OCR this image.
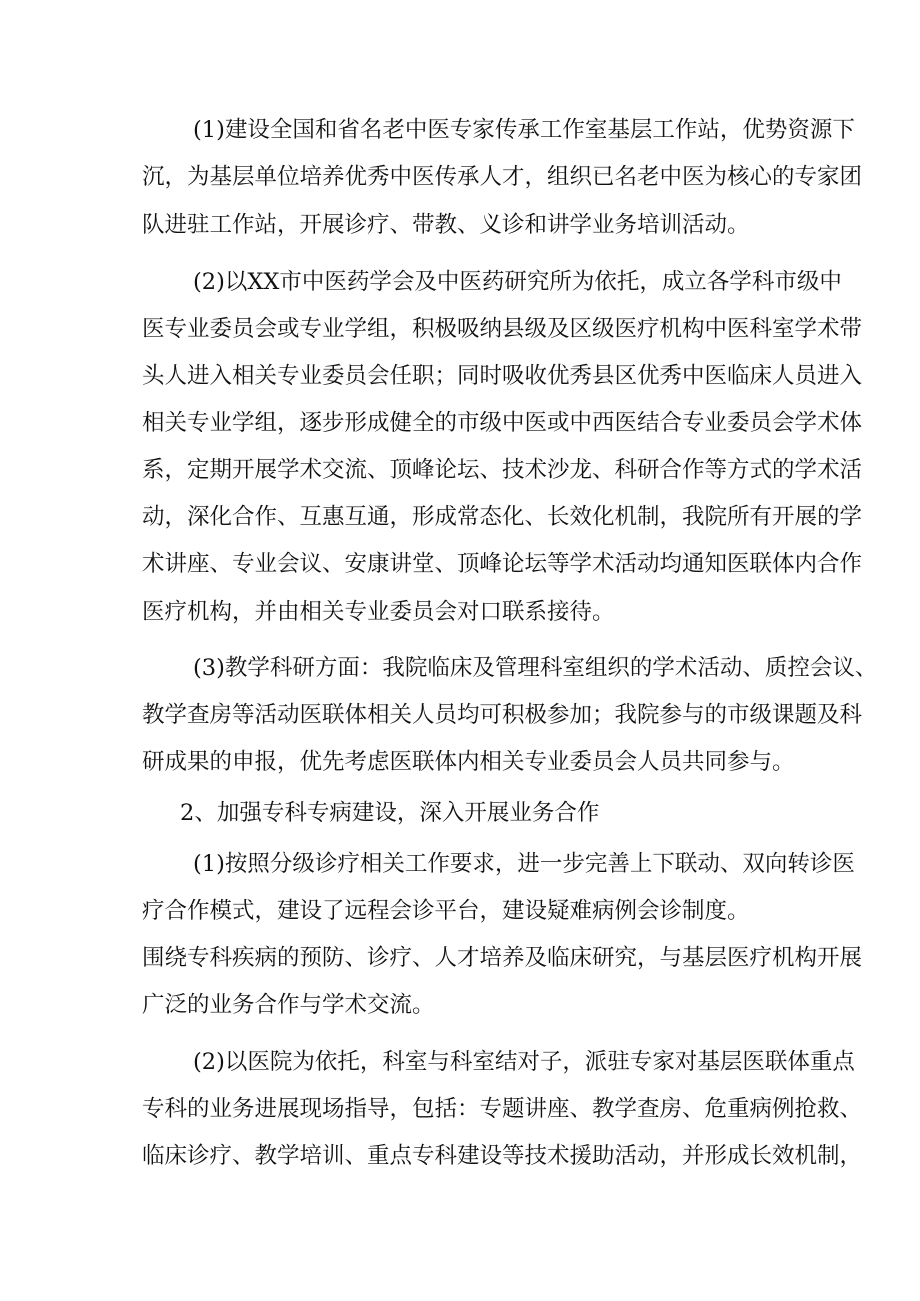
(1)建设全国和省名老中医专家传承工作室基层工作站，优势资源下
沉，为基层单位培养优秀中医传承人才，组织已名老中医为核心的专家团
队进驻工作站，开展诊疗、带教、义诊和讲学业务培训活动。
(2)以XX市中医药学会及中医药研究所为依托，成立各学科市级中
医专业委员会或专业学组，积极吸纳县级及区级医疗机构中医科室学术带
头人进入相关专业委员会任职；同时吸收优秀县区优秀中医临床人员进入
相关专业学组，逐步形成健全的市级中医或中西医结合专业委员会学术体
系，定期开展学术交流、顶峰论坛、技术沙龙、科研合作等方式的学术活
动，深化合作、互惠互通，形成常态化、长效化机制，我院所有开展的学
术讲座、专业会议、安康讲堂、顶峰论坛等学术活动均通知医联体内合作
医疗机构，并由相关专业委员会对口联系接待。
(3)教学科研方面：我院临床及管理科室组织的学术活动、质控会议、
教学查房等活动医联体相关人员均可积极参加；我院参与的市级课题及科
研成果的申报，优先考虑医联体内相关专业委员会人员共同参与。
2、加强专科专病建设，深入开展业务合作
(1)按照分级诊疗相关工作要求，进一步完善上下联动、双向转诊医
疗合作模式，建设了远程会诊平台，建设疑难病例会诊制度。
围绕专科疾病的预防、诊疗、人才培养及临床研究，与基层医疗机构开展
广泛的业务合作与学术交流。
(2)以医院为依托，科室与科室结对子，派驻专家对基层医联体重点
专科的业务进展现场指导，包括：专题讲座、教学查房、危重病例抢救、
临床诊疗、教学培训、重点专科建设等技术援助活动，并形成长效机制，
